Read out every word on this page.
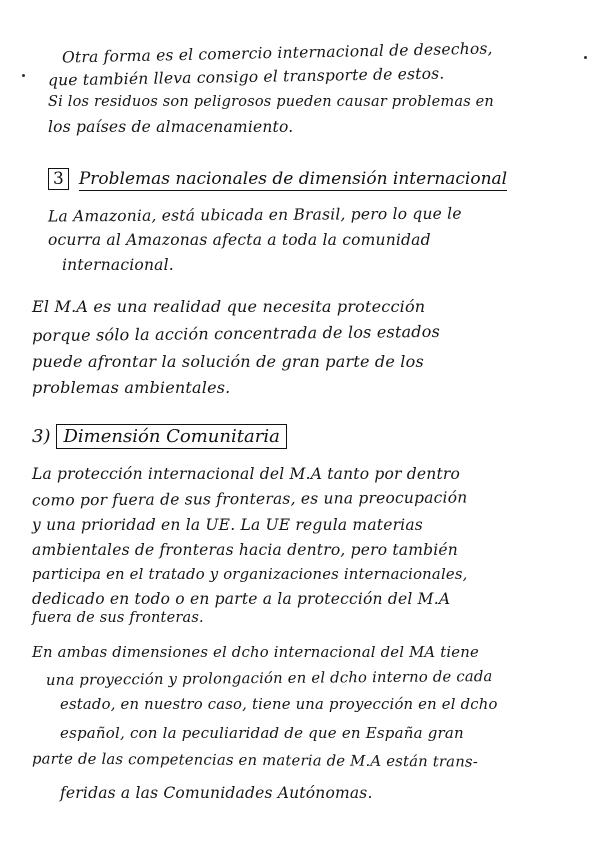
Otra forma es el comercio internacional de desechos,
que también lleva consigo el transporte de estos.
Si los residuos son peligrosos pueden causar problemas en
los países de almacenamiento.
3 Problemas nacionales de dimensión internacional
La Amazonia, está ubicada en Brasil, pero lo que le
ocurra al Amazonas afecta a toda la comunidad
internacional.
El M.A es una realidad que necesita protección
porque sólo la acción concentrada de los estados
puede afrontar la solución de gran parte de los
problemas ambientales.
3) Dimensión Comunitaria
La protección internacional del M.A tanto por dentro
como por fuera de sus fronteras, es una preocupación
y una prioridad en la UE. La UE regula materias
ambientales de fronteras hacia dentro, pero también
participa en el tratado y organizaciones internacionales,
dedicado en todo o en parte a la protección del M.A
fuera de sus fronteras.
En ambas dimensiones el dcho internacional del MA tiene
una proyección y prolongación en el dcho interno de cada
estado, en nuestro caso, tiene una proyección en el dcho
español, con la peculiaridad de que en España gran
parte de las competencias en materia de M.A están trans-
feridas a las Comunidades Autónomas.
